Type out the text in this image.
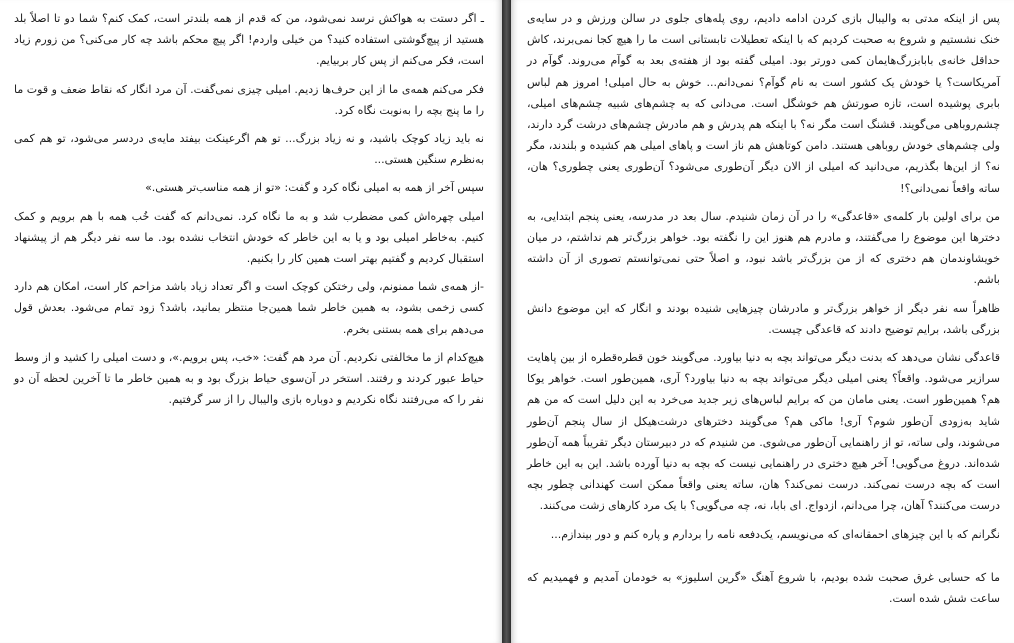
ـ اگر دستت به هواکش نرسد نمی‌شود، من که قدم از همه بلندتر است، کمک کنم؟ شما دو تا اصلاً بلد هستید از پیچ‌گوشتی استفاده کنید؟ من خیلی واردم! اگر پیچ محکم باشد چه کار می‌کنی؟ من زورم زیاد است، فکر می‌کنم از پس کار بربیایم.

فکر می‌کنم همه‌ی ما از این حرف‌ها زدیم. امیلی چیزی نمی‌گفت. آن مرد انگار که نقاط ضعف و قوت ما را ما پنج بچه را به‌نوبت نگاه کرد.

نه باید زیاد کوچک باشید، و نه زیاد بزرگ... تو هم اگرعینکت بیفتد مایه‌ی دردسر می‌شود، تو هم کمی به‌نظرم سنگین هستی...

سپس آخر از همه به امیلی نگاه کرد و گفت: «تو از همه مناسب‌تر هستی.»

امیلی چهره‌اش کمی مضطرب شد و به ما نگاه کرد. نمی‌دانم که گفت خُب همه با هم برویم و کمک کنیم. به‌خاطر امیلی بود و یا به این خاطر که خودش انتخاب نشده بود. ما سه نفر دیگر هم از پیشنهاد استقبال کردیم و گفتیم بهتر است همین کار را بکنیم.

-از همه‌ی شما ممنونم، ولی رختکن کوچک است و اگر تعداد زیاد باشد مزاحم کار است، امکان هم دارد کسی زخمی بشود، به همین خاطر شما همین‌جا منتظر بمانید، باشد؟ زود تمام می‌شود. بعدش قول می‌دهم برای همه بستنی بخرم.

هیچ‌کدام از ما مخالفتی نکردیم. آن مرد هم گفت: «خب، پس برویم.»، و دست امیلی را کشید و از وسط حیاط عبور کردند و رفتند. استخر در آن‌سوی حیاط بزرگ بود و به همین خاطر ما تا آخرین لحظه آن دو نفر را که می‌رفتند نگاه نکردیم و دوباره بازی والیبال را از سر گرفتیم.

پس از اینکه مدتی به والیبال بازی کردن ادامه دادیم، روی پله‌های جلوی در سالن ورزش و در سایه‌ی خنک نشستیم و شروع به صحبت کردیم که با اینکه تعطیلات تابستانی است ما را هیچ کجا نمی‌برند، کاش حداقل خانه‌ی بابابزرگ‌هایمان کمی دورتر بود. امیلی گفته بود از هفته‌ی بعد به گوآم می‌روند. گوآم در آمریکاست؟ یا خودش یک کشور است به نام گوآم؟ نمی‌دانم... خوش به حال امیلی! امروز هم لباس بابری پوشیده است، تازه صورتش هم خوشگل است. می‌دانی که به چشم‌های شبیه چشم‌های امیلی، چشم‌روباهی می‌گویند. قشنگ است مگر نه؟ با اینکه هم پدرش و هم مادرش چشم‌های درشت گرد دارند، ولی چشم‌های خودش روباهی هستند. دامن کوتاهش هم ناز است و پاهای امیلی هم کشیده و بلندند، مگر نه؟ از این‌ها بگذریم، می‌دانید که امیلی از الان دیگر آن‌طوری می‌شود؟ آن‌طوری یعنی چطوری؟ هان، ساته واقعاً نمی‌دانی؟!

من برای اولین بار کلمه‌ی «قاعدگی» را در آن زمان شنیدم. سال بعد در مدرسه، یعنی پنجم ابتدایی، به دخترها این موضوع را می‌گفتند، و مادرم هم هنوز این را نگفته بود. خواهر بزرگ‌تر هم نداشتم، در میان خویشاوندمان هم دختری که از من بزرگ‌تر باشد نبود، و اصلاً حتی نمی‌توانستم تصوری از آن داشته باشم.

ظاهراً سه نفر دیگر از خواهر بزرگ‌تر و مادرشان چیزهایی شنیده بودند و انگار که این موضوع دانش بزرگی باشد، برایم توضیح دادند که قاعدگی چیست.

قاعدگی نشان می‌دهد که بدنت دیگر می‌تواند بچه به دنیا بیاورد. می‌گویند خون قطره‌قطره از بین پاهایت سرازیر می‌شود. واقعاً؟ یعنی امیلی دیگر می‌تواند بچه به دنیا بیاورد؟ آری، همین‌طور است. خواهر یوکا هم؟ همین‌طور است. یعنی مامان من که برایم لباس‌های زیر جدید می‌خرد به این دلیل است که من هم شاید به‌زودی آن‌طور شوم؟ آری! ماکی هم؟ می‌گویند دخترهای درشت‌هیکل از سال پنجم آن‌طور می‌شوند، ولی ساته، تو از راهنمایی آن‌طور می‌شوی. من شنیدم که در دبیرستان دیگر تقریباً همه آن‌طور شده‌اند. دروغ می‌گویی! آخر هیچ دختری در راهنمایی نیست که بچه به دنیا آورده باشد. این به این خاطر است که بچه درست نمی‌کند. درست نمی‌کند؟ هان، ساته یعنی واقعاً ممکن است کهندانی چطور بچه درست می‌کنند؟ آهان، چرا می‌دانم، ازدواج. ای بابا، نه، چه می‌گویی؟ با یک مرد کارهای زشت می‌کنند.

نگرانم که با این چیزهای احمقانه‌ای که می‌نویسم، یک‌دفعه نامه را بردارم و پاره کنم و دور بیندازم...

ما که حسابی غرق صحبت شده بودیم، با شروع آهنگ «گرین اسلیوز» به خودمان آمدیم و فهمیدیم که ساعت شش شده است.
